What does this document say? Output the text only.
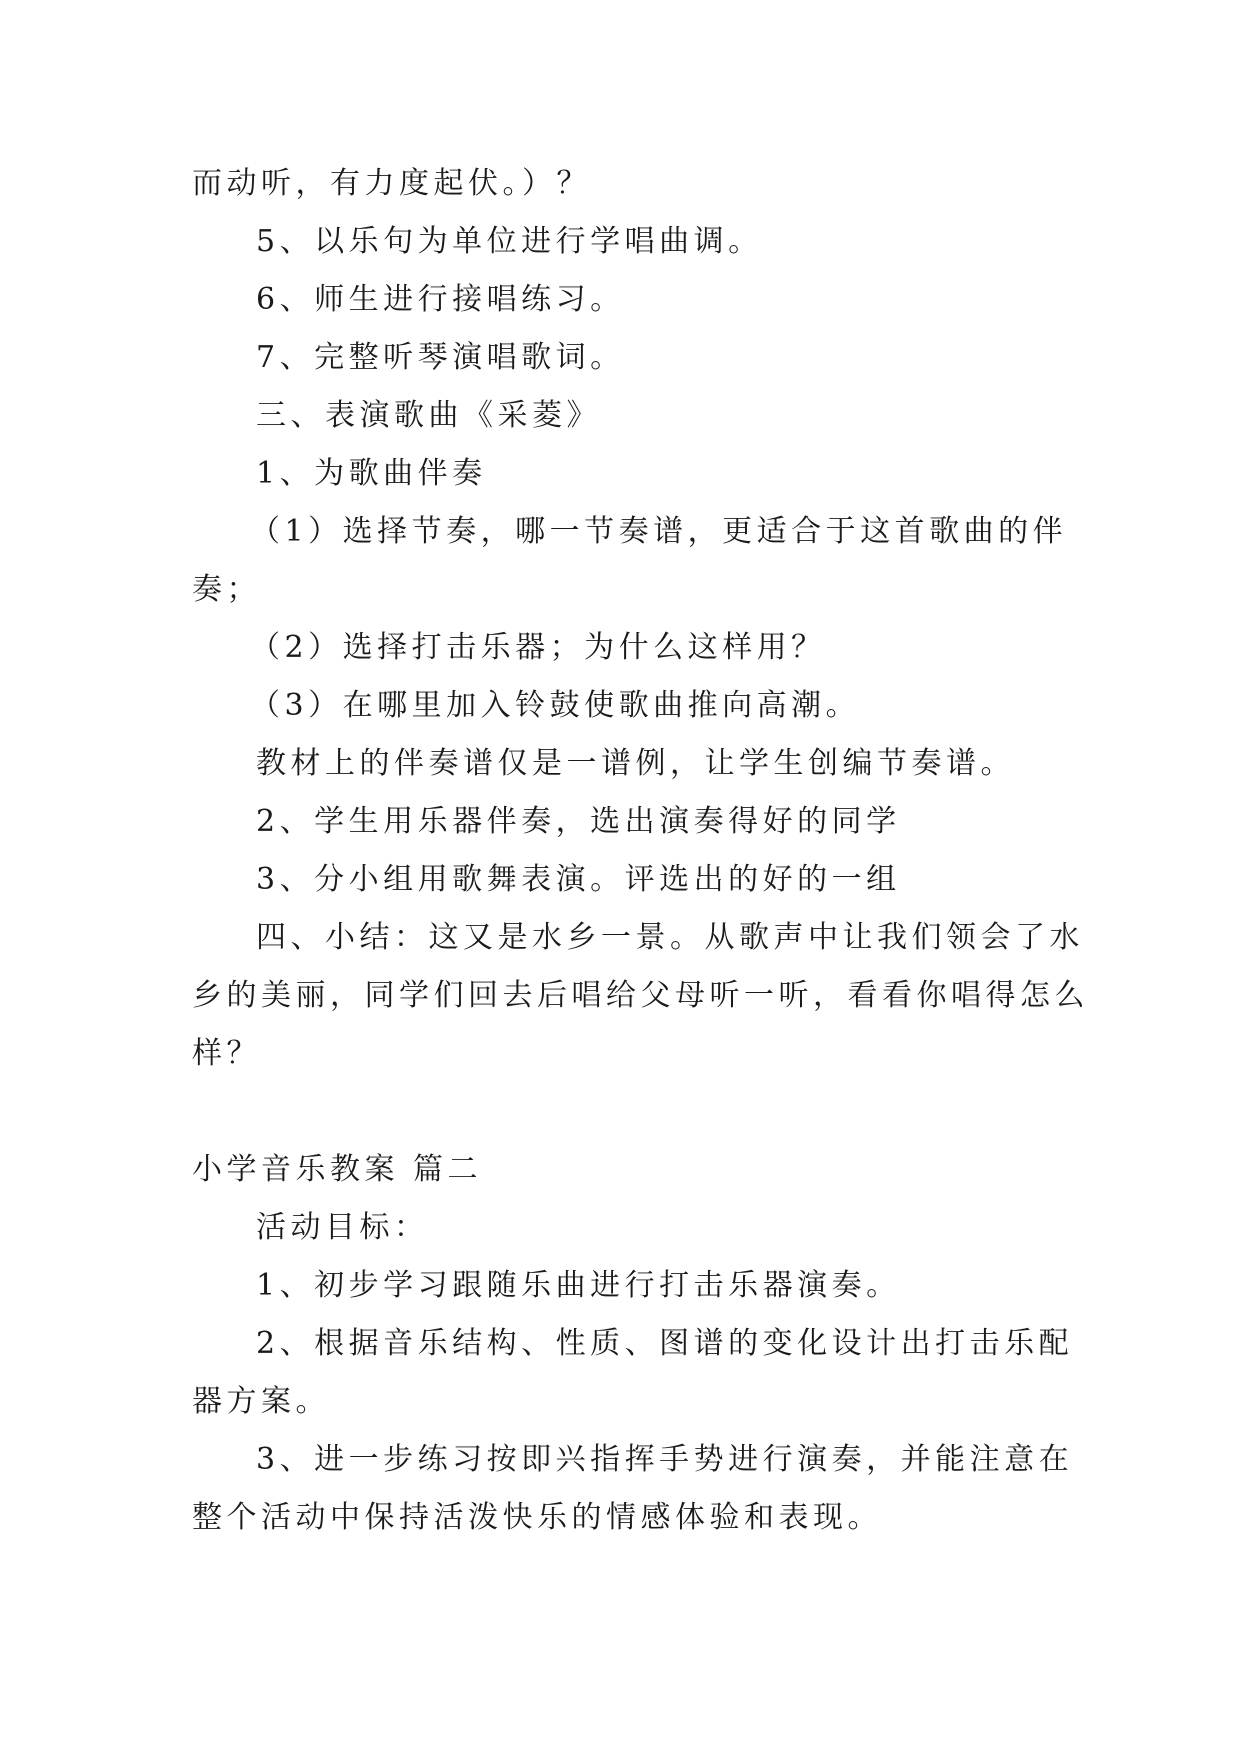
而动听，有力度起伏。）？
5、以乐句为单位进行学唱曲调。
6、师生进行接唱练习。
7、完整听琴演唱歌词。
三、表演歌曲《采菱》
1、为歌曲伴奏
（1）选择节奏，哪一节奏谱，更适合于这首歌曲的伴
奏；
（2）选择打击乐器；为什么这样用？
（3）在哪里加入铃鼓使歌曲推向高潮。
教材上的伴奏谱仅是一谱例，让学生创编节奏谱。
2、学生用乐器伴奏，选出演奏得好的同学
3、分小组用歌舞表演。评选出的好的一组
四、小结：这又是水乡一景。从歌声中让我们领会了水
乡的美丽，同学们回去后唱给父母听一听，看看你唱得怎么
样？
小学音乐教案 篇二
活动目标：
1、初步学习跟随乐曲进行打击乐器演奏。
2、根据音乐结构、性质、图谱的变化设计出打击乐配
器方案。
3、进一步练习按即兴指挥手势进行演奏，并能注意在
整个活动中保持活泼快乐的情感体验和表现。
